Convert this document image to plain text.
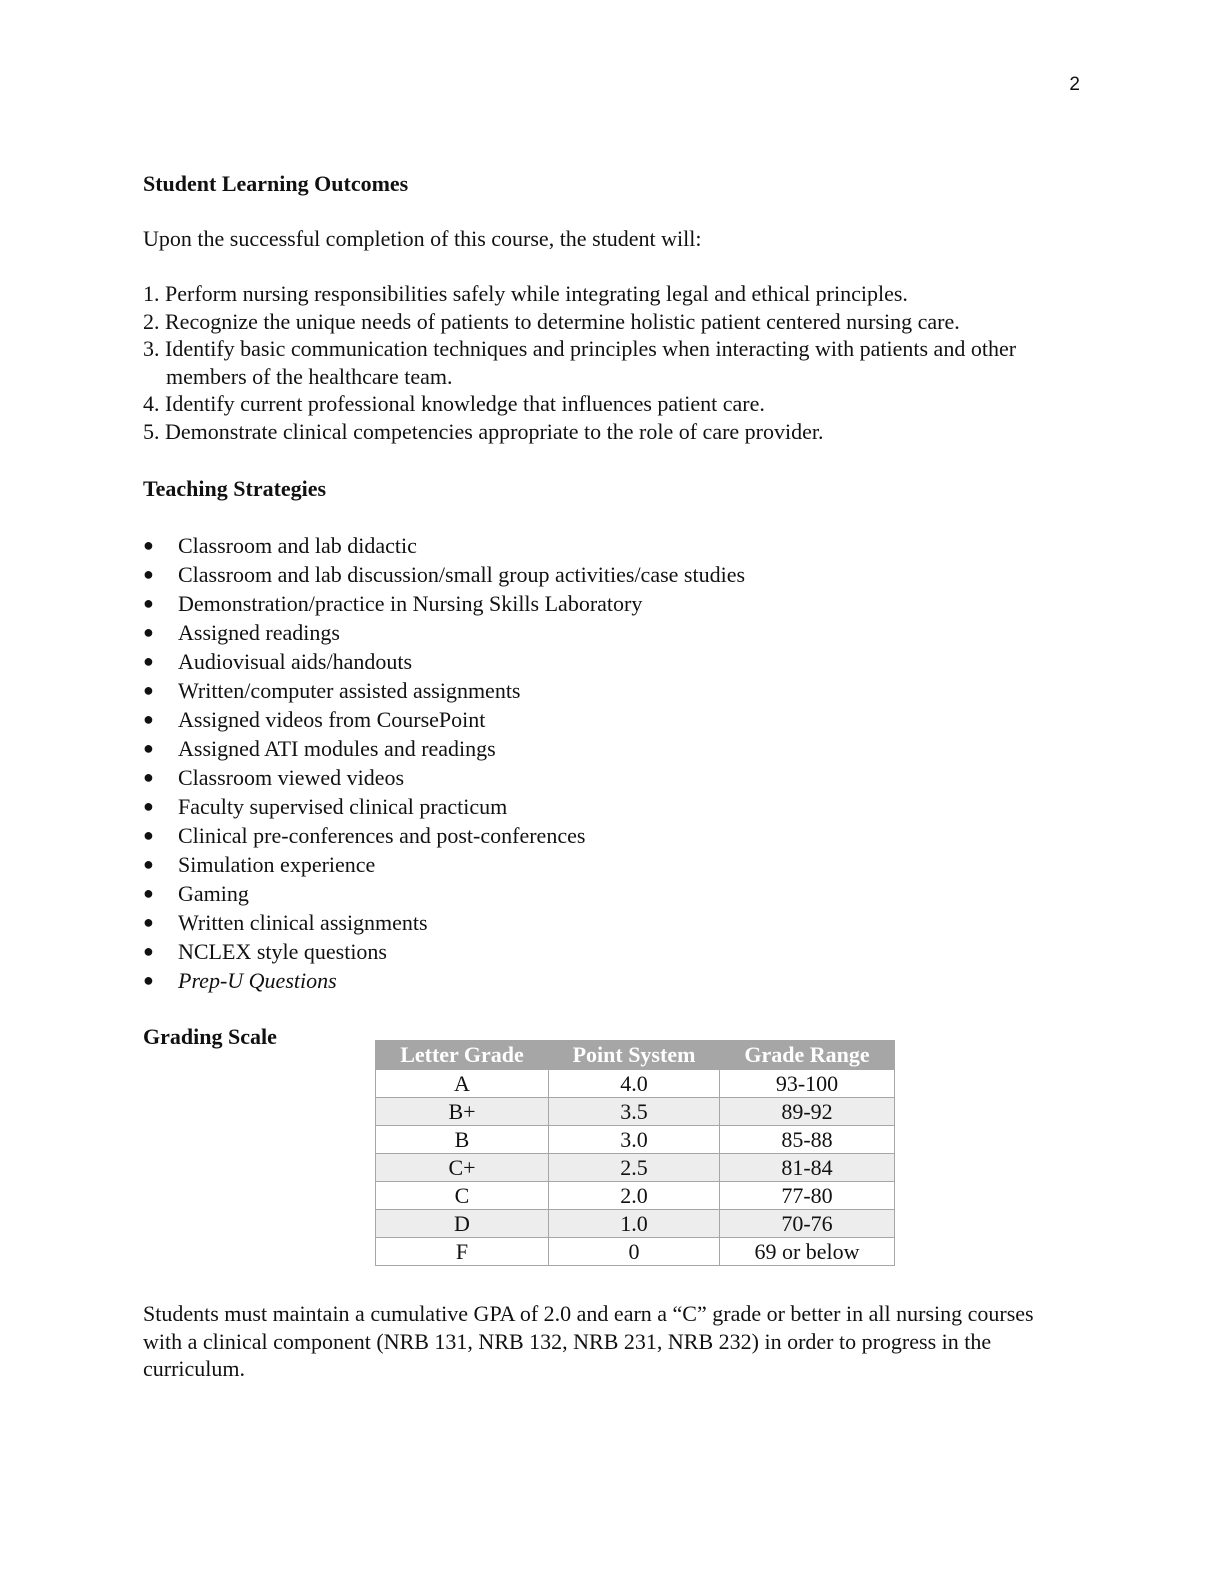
2
Student Learning Outcomes

Upon the successful completion of this course, the student will:

1. Perform nursing responsibilities safely while integrating legal and ethical principles.
2. Recognize the unique needs of patients to determine holistic patient centered nursing care.
3. Identify basic communication techniques and principles when interacting with patients and other members of the healthcare team.
4. Identify current professional knowledge that influences patient care.
5. Demonstrate clinical competencies appropriate to the role of care provider.
Teaching Strategies
● Classroom and lab didactic
● Classroom and lab discussion/small group activities/case studies
● Demonstration/practice in Nursing Skills Laboratory
● Assigned readings
● Audiovisual aids/handouts
● Written/computer assisted assignments
● Assigned videos from CoursePoint
● Assigned ATI modules and readings
● Classroom viewed videos
● Faculty supervised clinical practicum
● Clinical pre-conferences and post-conferences
● Simulation experience
● Gaming
● Written clinical assignments
● NCLEX style questions
● Prep-U Questions
Grading Scale
Letter Grade	Point System	Grade Range
A	4.0	93-100
B+	3.5	89-92
B	3.0	85-88
C+	2.5	81-84
C	2.0	77-80
D	1.0	70-76
F	0	69 or below

Students must maintain a cumulative GPA of 2.0 and earn a “C” grade or better in all nursing courses with a clinical component (NRB 131, NRB 132, NRB 231, NRB 232) in order to progress in the curriculum.
